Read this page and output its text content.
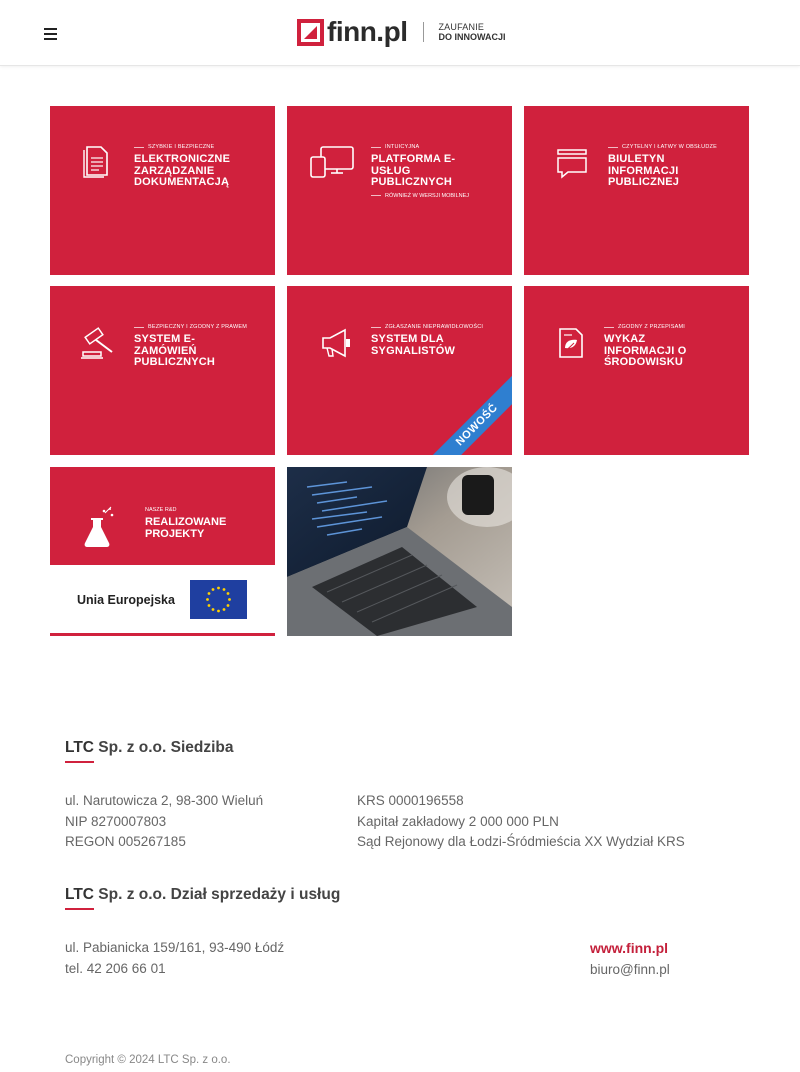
finn.pl	ZAUFANIE
DO INNOWACJI
SZYBKIE I BEZPIECZNE
ELEKTRONICZNE ZARZĄDZANIE DOKUMENTACJĄ
INTUICYJNA
PLATFORMA E-USŁUG PUBLICZNYCH
RÓWNIEŻ W WERSJI MOBILNEJ
CZYTELNY I ŁATWY W OBSŁUDZE
BIULETYN INFORMACJI PUBLICZNEJ
BEZPIECZNY I ZGODNY Z PRAWEM
SYSTEM E-ZAMÓWIEŃ PUBLICZNYCH
ZGŁASZANIE NIEPRAWIDŁOWOŚCI
SYSTEM DLA SYGNALISTÓW
NOWOŚĆ
ZGODNY Z PRZEPISAMI
WYKAZ INFORMACJI O ŚRODOWISKU
NASZE R&D
REALIZOWANE PROJEKTY
Unia Europejska
LTC Sp. z o.o. Siedziba
ul. Narutowicza 2, 98-300 Wieluń
NIP 8270007803
REGON 005267185
KRS 0000196558
Kapitał zakładowy 2 000 000 PLN
Sąd Rejonowy dla Łodzi-Śródmieścia XX Wydział KRS
LTC Sp. z o.o. Dział sprzedaży i usług
ul. Pabianicka 159/161, 93-490 Łódź
tel. 42 206 66 01
www.finn.pl
biuro@finn.pl
Copyright © 2024 LTC Sp. z o.o.
